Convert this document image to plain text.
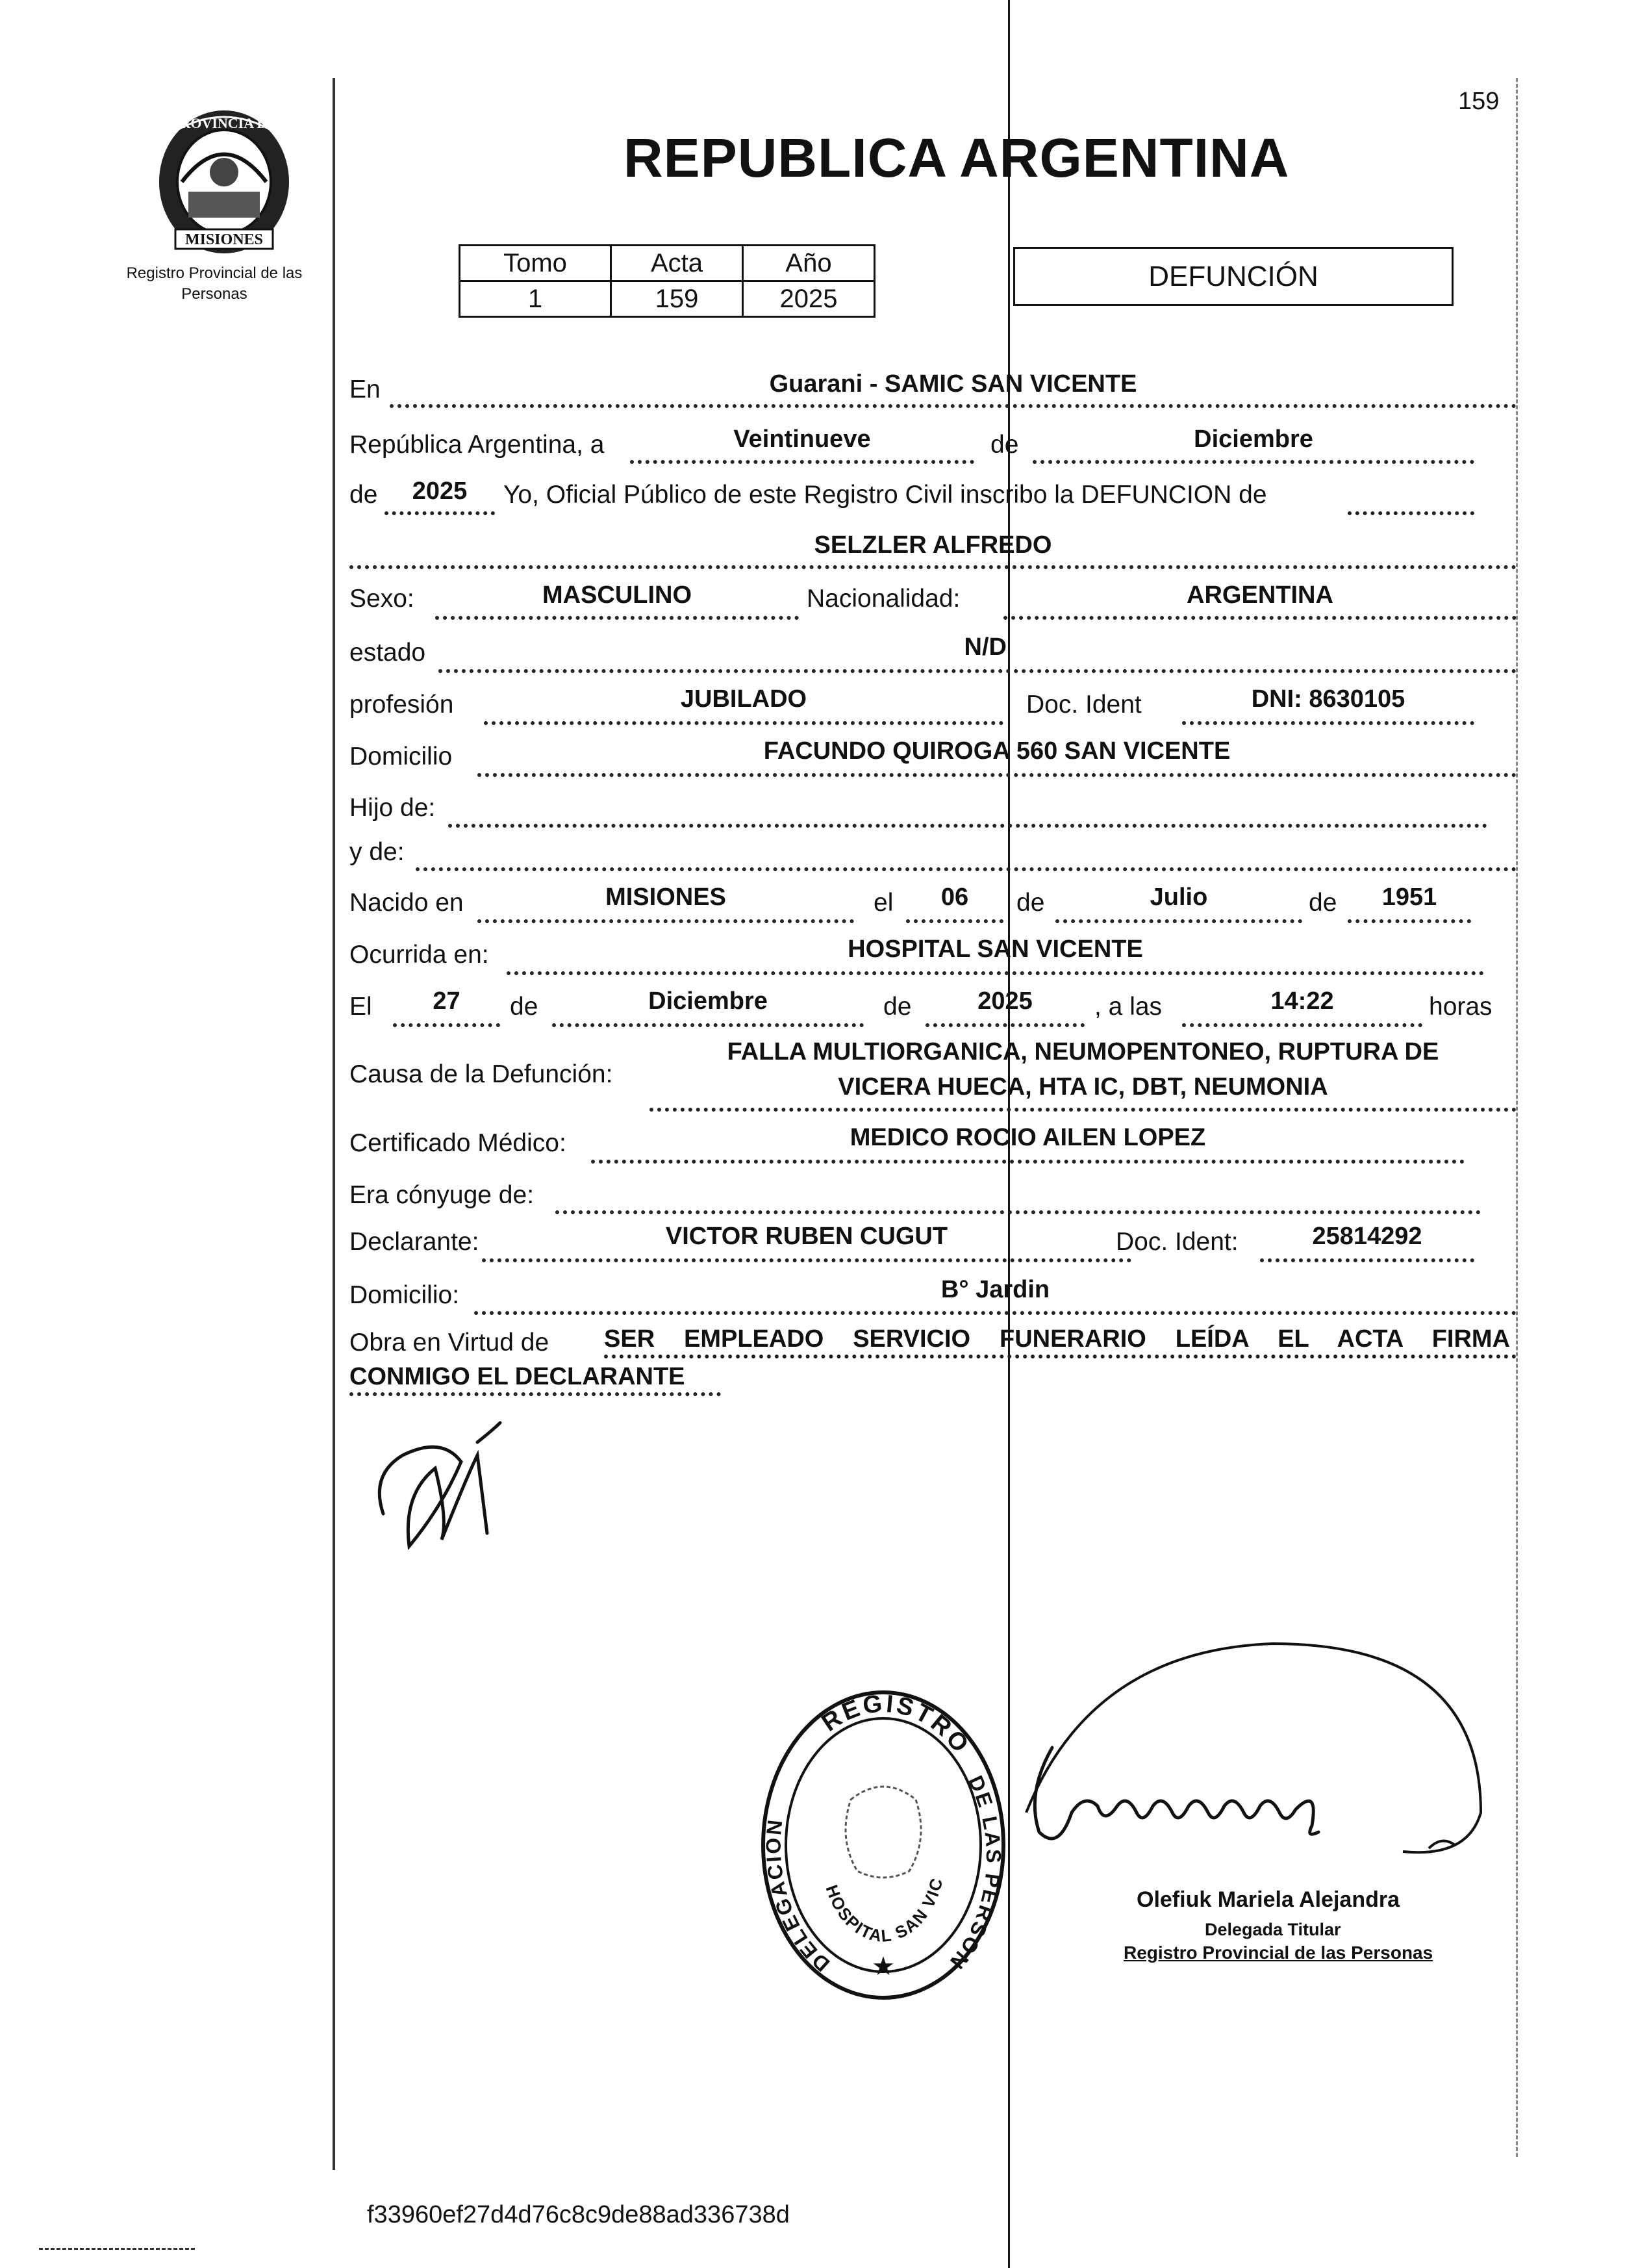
159
PROVINCIA DE
MISIONES
Registro Provincial de las Personas
REPUBLICA ARGENTINA
Tomo	Acta	Año
1	159	2025
DEFUNCIÓN
En	Guarani - SAMIC SAN VICENTE
República Argentina, a	Veintinueve	de	Diciembre
de	2025	Yo, Oficial Público de este Registro Civil inscribo la DEFUNCION de
SELZLER ALFREDO
Sexo:	MASCULINO	Nacionalidad:	ARGENTINA
estado	N/D
profesión	JUBILADO	Doc. Ident	DNI: 8630105
Domicilio	FACUNDO QUIROGA 560 SAN VICENTE
Hijo de:
y de:
Nacido en	MISIONES	el	06	de	Julio	de	1951
Ocurrida en:	HOSPITAL SAN VICENTE
El	27	de	Diciembre	de	2025	, a las	14:22	horas
Causa de la Defunción:
FALLA MULTIORGANICA, NEUMOPENTONEO, RUPTURA DE
VICERA HUECA, HTA IC, DBT, NEUMONIA
Certificado Médico:	MEDICO ROCIO AILEN LOPEZ
Era cónyuge de:
Declarante:	VICTOR RUBEN CUGUT	Doc. Ident:	25814292
Domicilio:	B° Jardin
Obra en Virtud de SER EMPLEADO SERVICIO FUNERARIO LEÍDA EL ACTA FIRMA
CONMIGO EL DECLARANTE
REGISTRO
DELEGACION
DE LAS PERSON
HOSPITAL SAN VIC
★
Olefiuk Mariela Alejandra
Delegada Titular
Registro Provincial de las Personas
f33960ef27d4d76c8c9de88ad336738d
